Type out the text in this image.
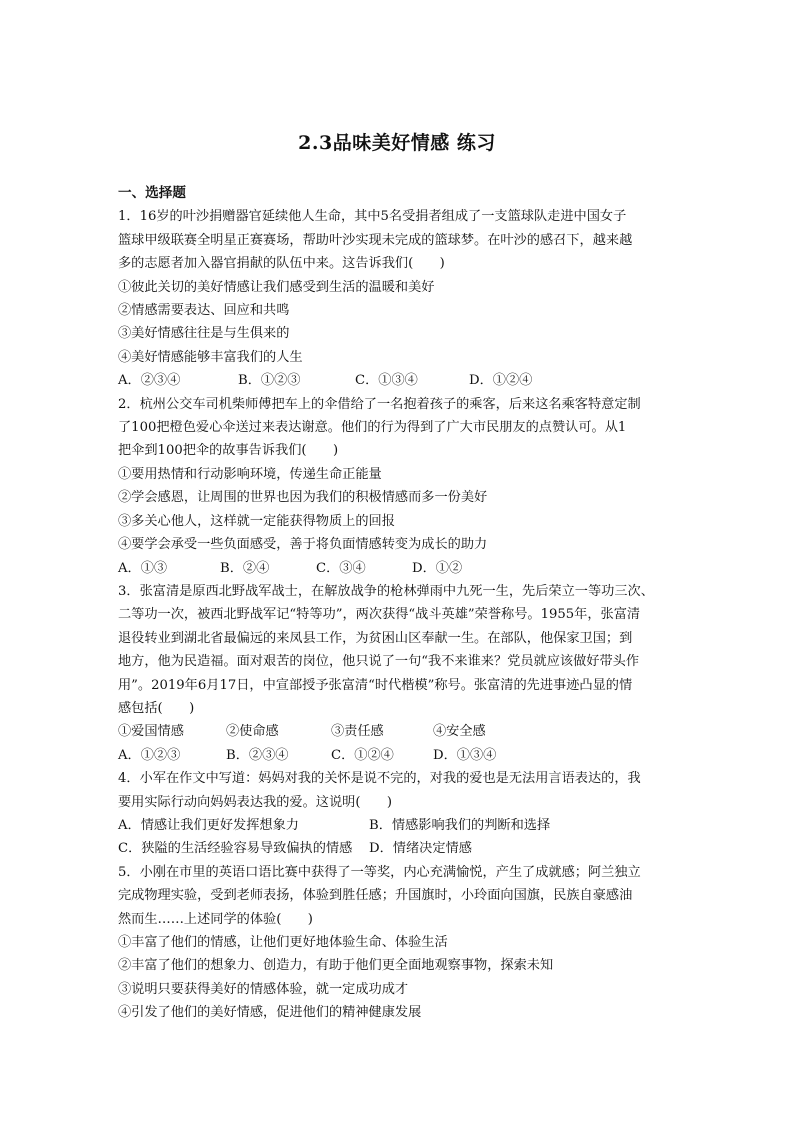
2.3品味美好情感 练习
一、选择题
1．16岁的叶沙捐赠器官延续他人生命，其中5名受捐者组成了一支篮球队走进中国女子
篮球甲级联赛全明星正赛赛场，帮助叶沙实现未完成的篮球梦。在叶沙的感召下，越来越
多的志愿者加入器官捐献的队伍中来。这告诉我们(　　)
①彼此关切的美好情感让我们感受到生活的温暖和美好
②情感需要表达、回应和共鸣
③美好情感往往是与生俱来的
④美好情感能够丰富我们的人生
A．②③④	B．①②③	C．①③④	D．①②④
2．杭州公交车司机柴师傅把车上的伞借给了一名抱着孩子的乘客，后来这名乘客特意定制
了100把橙色爱心伞送过来表达谢意。他们的行为得到了广大市民朋友的点赞认可。从1
把伞到100把伞的故事告诉我们(　　)
①要用热情和行动影响环境，传递生命正能量
②学会感恩，让周围的世界也因为我们的积极情感而多一份美好
③多关心他人，这样就一定能获得物质上的回报
④要学会承受一些负面感受，善于将负面情感转变为成长的助力
A．①③	B．②④	C．③④	D．①②
3．张富清是原西北野战军战士，在解放战争的枪林弹雨中九死一生，先后荣立一等功三次、
二等功一次，被西北野战军记“特等功”，两次获得“战斗英雄”荣誉称号。1955年，张富清
退役转业到湖北省最偏远的来凤县工作，为贫困山区奉献一生。在部队，他保家卫国；到
地方，他为民造福。面对艰苦的岗位，他只说了一句“我不来谁来？党员就应该做好带头作
用”。2019年6月17日，中宣部授予张富清“时代楷模”称号。张富清的先进事迹凸显的情
感包括(　　)
①爱国情感	②使命感	③责任感	④安全感
A．①②③	B．②③④	C．①②④	D．①③④
4．小军在作文中写道：妈妈对我的关怀是说不完的，对我的爱也是无法用言语表达的，我
要用实际行动向妈妈表达我的爱。这说明(　　)
A．情感让我们更好发挥想象力	B．情感影响我们的判断和选择
C．狭隘的生活经验容易导致偏执的情感 D．情绪决定情感
5．小刚在市里的英语口语比赛中获得了一等奖，内心充满愉悦，产生了成就感；阿兰独立
完成物理实验，受到老师表扬，体验到胜任感；升国旗时，小玲面向国旗，民族自豪感油
然而生……上述同学的体验(　　)
①丰富了他们的情感，让他们更好地体验生命、体验生活
②丰富了他们的想象力、创造力，有助于他们更全面地观察事物，探索未知
③说明只要获得美好的情感体验，就一定成功成才
④引发了他们的美好情感，促进他们的精神健康发展
